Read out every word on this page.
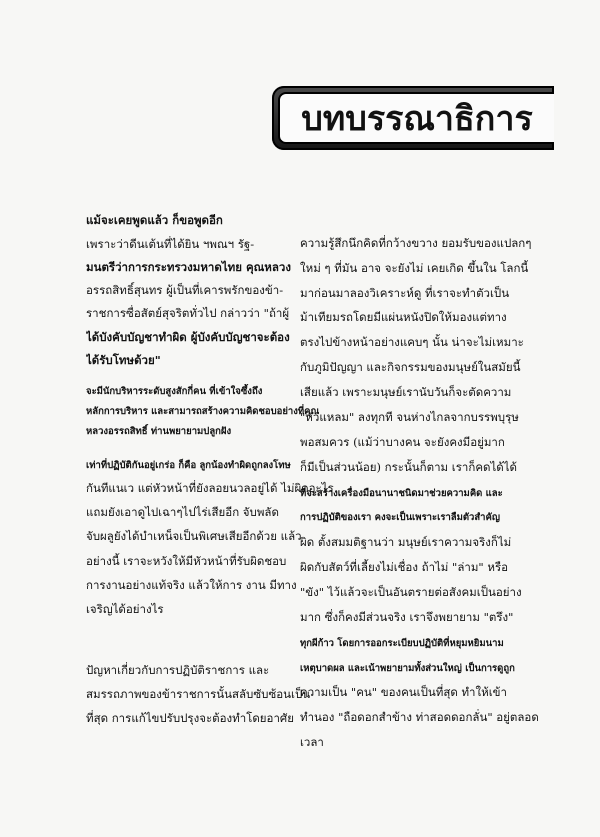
บทบรรณาธิการ
แม้จะเคยพูดแล้ว ก็ขอพูดอีก
เพราะว่าดีนเต้นที่ได้ยิน ฯพณฯ รัฐ-
มนตรีว่าการกระทรวงมหาดไทย คุณหลวง
อรรถสิทธิ์สุนทร ผู้เป็นที่เคารพรักของข้า-
ราชการซื่อสัตย์สุจริตทั่วไป กล่าวว่า "ถ้าผู้
ได้บังคับบัญชาทำผิด ผู้บังคับบัญชาจะต้อง
ได้รับโทษด้วย"
จะมีนักบริหารระดับสูงสักกี่คน ที่เข้าใจซึ้งถึง
หลักการบริหาร และสามารถสร้างความคิดชอบอย่างที่คุณ
หลวงอรรถสิทธิ์ ท่านพยายามปลูกฝัง
เท่าที่ปฏิบัติกันอยู่เกร่อ ก็คือ ลูกน้องทำผิดถูกลงโทษ
กันทีแนเว แต่หัวหน้าที่ยังลอยนวลอยู่ได้ ไม่ผิดอะไร
แถมยังเอาดูไปเฉาๆไปไร่เสียอีก จับพลัด
จับผลูยังได้บำเหน็จเป็นพิเศษเสียอีกด้วย แล้ว
อย่างนี้ เราจะหวังให้มีหัวหน้าที่รับผิดชอบ
การงานอย่างแท้จริง แล้วให้การ งาน มีทาง
เจริญได้อย่างไร
ปัญหาเกี่ยวกับการปฏิบัติราชการ และ
สมรรถภาพของข้าราชการนั้นสลับซับซ้อนเป็น
ที่สุด การแก้ไขปรับปรุงจะต้องทำโดยอาศัย
ความรู้สึกนึกคิดที่กว้างขวาง ยอมรับของแปลกๆ
ใหม่ ๆ ที่มัน อาจ จะยังไม่ เคยเกิด ขึ้นใน โลกนี้
มาก่อนมาลองวิเคราะห์ดู ที่เราจะทำตัวเป็น
ม้าเทียมรถโดยมีแผ่นหนังปิดให้มองแต่ทาง
ตรงไปข้างหน้าอย่างแคบๆ นั้น น่าจะไม่เหมาะ
กับภูมิปัญญา และกิจกรรมของมนุษย์ในสมัยนี้
เสียแล้ว เพราะมนุษย์เรานับวันก็จะตัดความ
"หัวแหลม" ลงทุกที จนห่างไกลจากบรรพบุรุษ
พอสมควร (แม้ว่าบางคน จะยังคงมีอยู่มาก
ก็มีเป็นส่วนน้อย) กระนั้นก็ตาม เราก็คดได้ได้
ที่จะสร้างเครื่องมือนานาชนิดมาช่วยความคิด และ
การปฏิบัติของเรา คงจะเป็นเพราะเราลืมตัวสำคัญ
ผิด ตั้งสมมติฐานว่า มนุษย์เราความจริงก็ไม่
ผิดกับสัตว์ที่เลี้ยงไม่เชื่อง ถ้าไม่ "ล่าม" หรือ
"ขัง" ไว้แล้วจะเป็นอันตรายต่อสังคมเป็นอย่าง
มาก ซึ่งก็คงมีส่วนจริง เราจึงพยายาม "ตรึง"
ทุกผีก้าว โดยการออกระเบียบปฏิบัติที่หยุมหยิมนาม
เหตุบาดผล และเน้าพยายามทั้งส่วนใหญ่ เป็นการดูถูก
ความเป็น "คน" ของคนเป็นที่สุด ทำให้เข้า
ทำนอง "ถือดอกสำข้าง ท่าสอดดอกลั่น" อยู่ตลอด
เวลา
